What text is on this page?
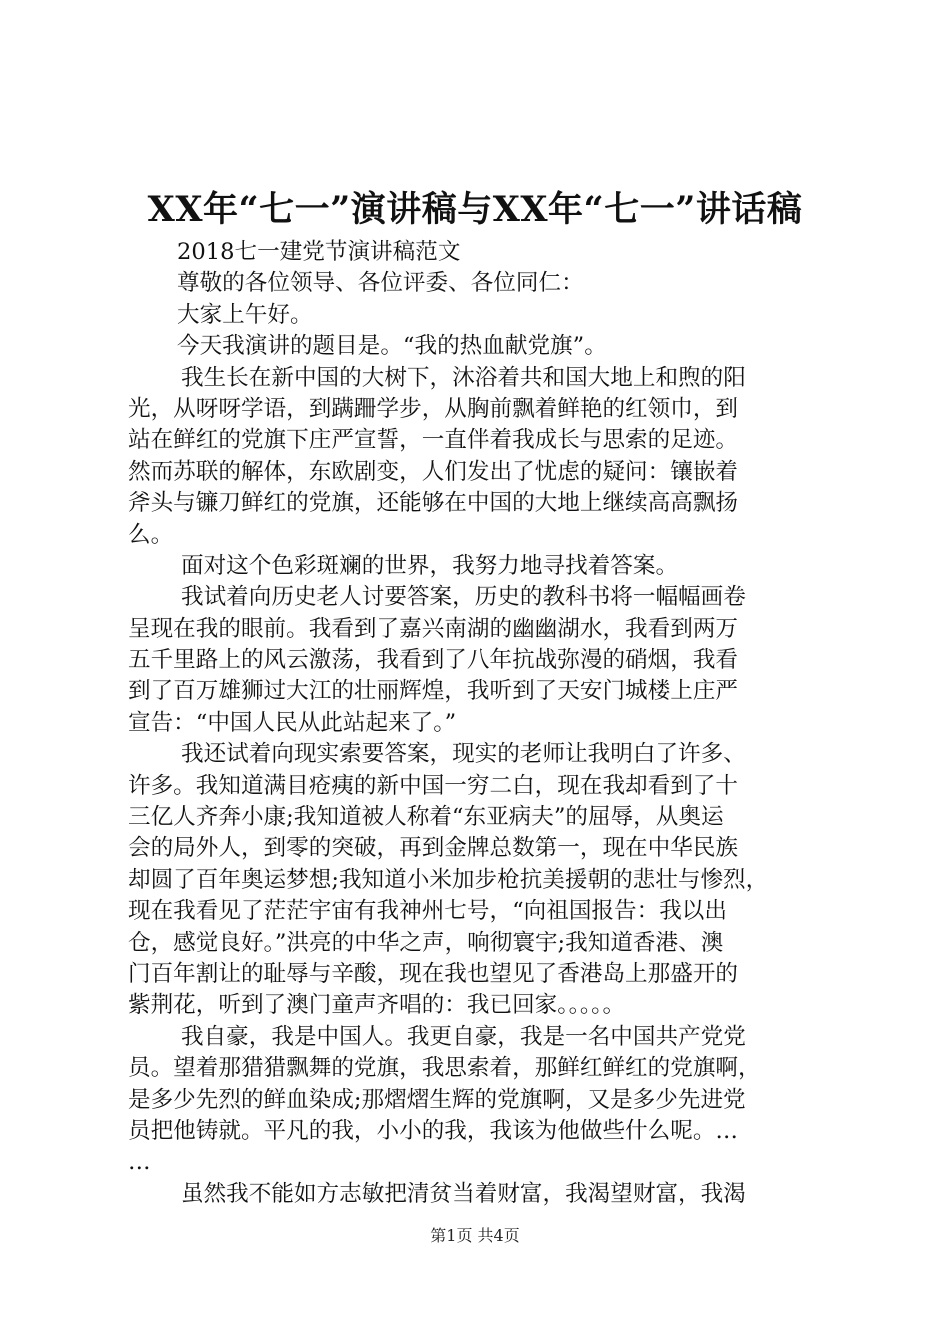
XX年“七一”演讲稿与XX年“七一”讲话稿
2018七一建党节演讲稿范文
尊敬的各位领导、各位评委、各位同仁：
大家上午好。
今天我演讲的题目是。“我的热血献党旗”。
我生长在新中国的大树下，沐浴着共和国大地上和煦的阳
光，从呀呀学语，到蹒跚学步，从胸前飘着鲜艳的红领巾，到
站在鲜红的党旗下庄严宣誓，一直伴着我成长与思索的足迹。
然而苏联的解体，东欧剧变，人们发出了忧虑的疑问：镶嵌着
斧头与镰刀鲜红的党旗，还能够在中国的大地上继续高高飘扬
么。
面对这个色彩斑斓的世界，我努力地寻找着答案。
我试着向历史老人讨要答案，历史的教科书将一幅幅画卷
呈现在我的眼前。我看到了嘉兴南湖的幽幽湖水，我看到两万
五千里路上的风云激荡，我看到了八年抗战弥漫的硝烟，我看
到了百万雄狮过大江的壮丽辉煌，我听到了天安门城楼上庄严
宣告：“中国人民从此站起来了。”
我还试着向现实索要答案，现实的老师让我明白了许多、
许多。我知道满目疮痍的新中国一穷二白，现在我却看到了十
三亿人齐奔小康;我知道被人称着“东亚病夫”的屈辱，从奥运
会的局外人，到零的突破，再到金牌总数第一，现在中华民族
却圆了百年奥运梦想;我知道小米加步枪抗美援朝的悲壮与惨烈，
现在我看见了茫茫宇宙有我神州七号，“向祖国报告：我以出
仓，感觉良好。”洪亮的中华之声，响彻寰宇;我知道香港、澳
门百年割让的耻辱与辛酸，现在我也望见了香港岛上那盛开的
紫荆花，听到了澳门童声齐唱的：我已回家。。。。。
我自豪，我是中国人。我更自豪，我是一名中国共产党党
员。望着那猎猎飘舞的党旗，我思索着，那鲜红鲜红的党旗啊，
是多少先烈的鲜血染成;那熠熠生辉的党旗啊，又是多少先进党
员把他铸就。平凡的我，小小的我，我该为他做些什么呢。…
…
虽然我不能如方志敏把清贫当着财富，我渴望财富，我渴
第1页 共4页
